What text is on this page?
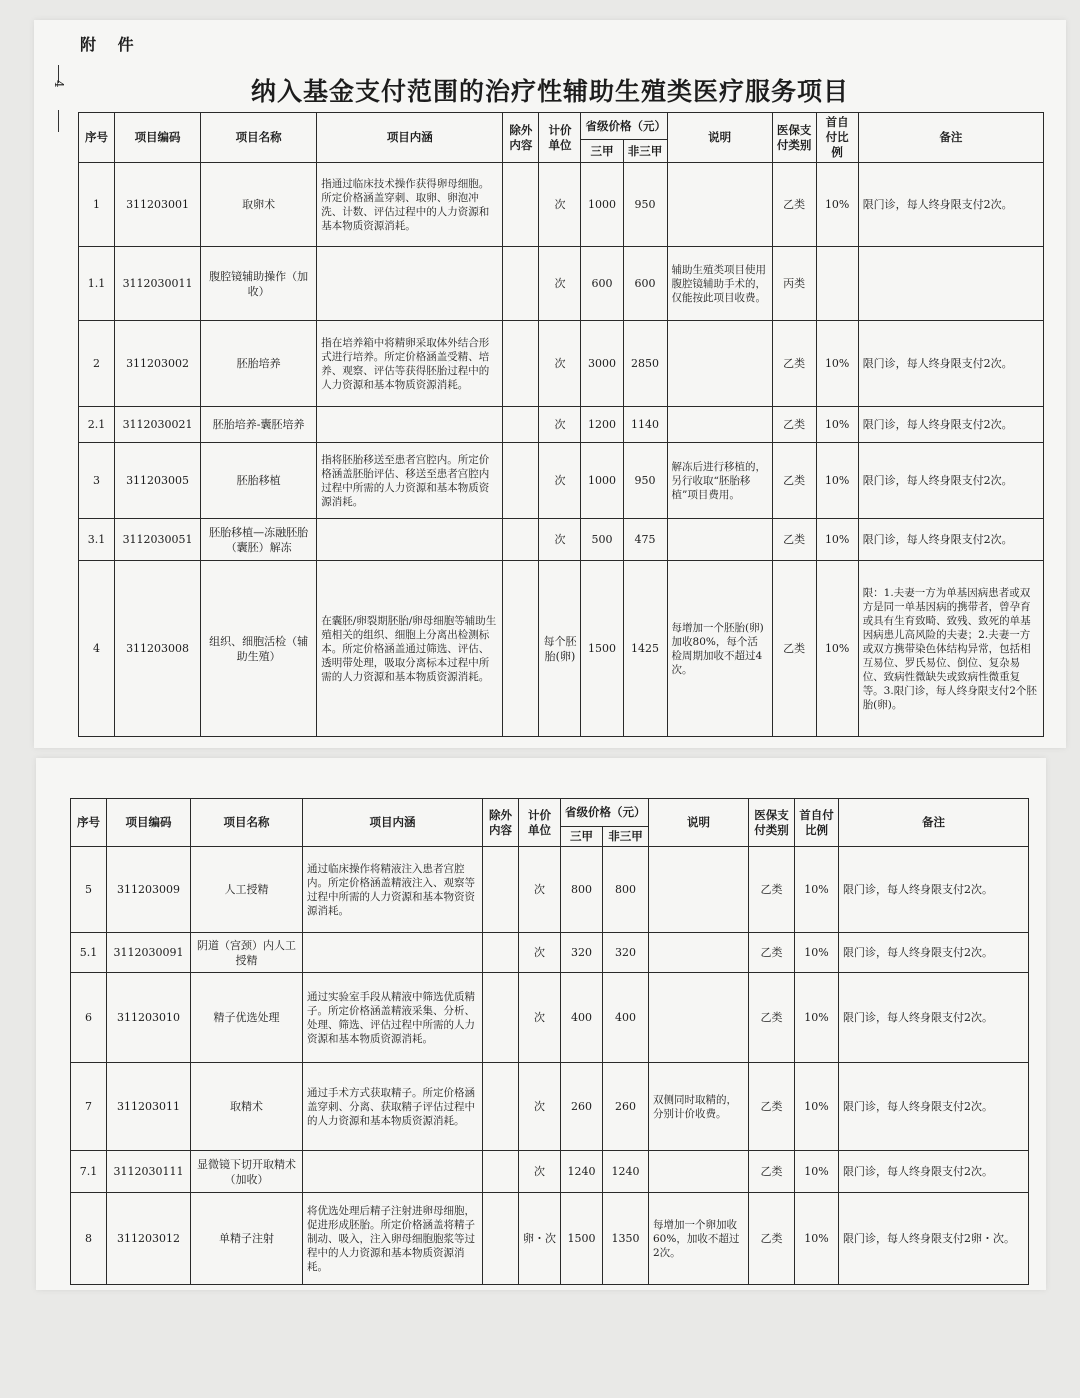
附 件
4	纳入基金支付范围的治疗性辅助生殖类医疗服务项目
序号	项目编码	项目名称	项目内涵	除外内容	计价单位	省级价格（元）		说明	医保支付类别	首自付比例	备注
						三甲	非三甲				
1	311203001	取卵术	指通过临床技术操作获得卵母细胞。所定价格涵盖穿刺、取卵、卵泡冲洗、计数、评估过程中的人力资源和基本物质资源消耗。		次	1000	950		乙类	10%	限门诊，每人终身限支付2次。
1.1	3112030011	腹腔镜辅助操作（加收）			次	600	600	辅助生殖类项目使用腹腔镜辅助手术的，仅能按此项目收费。	丙类		
2	311203002	胚胎培养	指在培养箱中将精卵采取体外结合形式进行培养。所定价格涵盖受精、培养、观察、评估等获得胚胎过程中的人力资源和基本物质资源消耗。		次	3000	2850		乙类	10%	限门诊，每人终身限支付2次。
2.1	3112030021	胚胎培养-囊胚培养			次	1200	1140		乙类	10%	限门诊，每人终身限支付2次。
3	311203005	胚胎移植	指将胚胎移送至患者宫腔内。所定价格涵盖胚胎评估、移送至患者宫腔内过程中所需的人力资源和基本物质资源消耗。		次	1000	950	解冻后进行移植的，另行收取“胚胎移植”项目费用。	乙类	10%	限门诊，每人终身限支付2次。
3.1	3112030051	胚胎移植—冻融胚胎（囊胚）解冻			次	500	475		乙类	10%	限门诊，每人终身限支付2次。
4	311203008	组织、细胞活检（辅助生殖）	在囊胚/卵裂期胚胎/卵母细胞等辅助生殖相关的组织、细胞上分离出检测标本。所定价格涵盖通过筛选、评估、透明带处理，吸取分离标本过程中所需的人力资源和基本物质资源消耗。		每个胚胎(卵)	1500	1425	每增加一个胚胎(卵)加收80%，每个活检周期加收不超过4次。	乙类	10%	限：1.夫妻一方为单基因病患者或双方是同一单基因病的携带者，曾孕育或具有生育致畸、致残、致死的单基因病患儿高风险的夫妻；2.夫妻一方或双方携带染色体结构异常，包括相互易位、罗氏易位、倒位、复杂易位、致病性微缺失或致病性微重复等。3.限门诊，每人终身限支付2个胚胎(卵)。
序号	项目编码	项目名称	项目内涵	除外内容	计价单位	省级价格（元）		说明	医保支付类别	首自付比例	备注
						三甲	非三甲				
5	311203009	人工授精	通过临床操作将精液注入患者宫腔内。所定价格涵盖精液注入、观察等过程中所需的人力资源和基本物资资源消耗。		次	800	800		乙类	10%	限门诊，每人终身限支付2次。
5.1	3112030091	阴道（宫颈）内人工授精			次	320	320		乙类	10%	限门诊，每人终身限支付2次。
6	311203010	精子优选处理	通过实验室手段从精液中筛选优质精子。所定价格涵盖精液采集、分析、处理、筛选、评估过程中所需的人力资源和基本物质资源消耗。		次	400	400		乙类	10%	限门诊，每人终身限支付2次。
7	311203011	取精术	通过手术方式获取精子。所定价格涵盖穿刺、分离、获取精子评估过程中的人力资源和基本物质资源消耗。		次	260	260	双侧同时取精的，分别计价收费。	乙类	10%	限门诊，每人终身限支付2次。
7.1	3112030111	显微镜下切开取精术（加收）			次	1240	1240		乙类	10%	限门诊，每人终身限支付2次。
8	311203012	单精子注射	将优选处理后精子注射进卵母细胞，促进形成胚胎。所定价格涵盖将精子制动、吸入，注入卵母细胞胞浆等过程中的人力资源和基本物质资源消耗。		卵・次	1500	1350	每增加一个卵加收60%，加收不超过2次。	乙类	10%	限门诊，每人终身限支付2卵・次。
